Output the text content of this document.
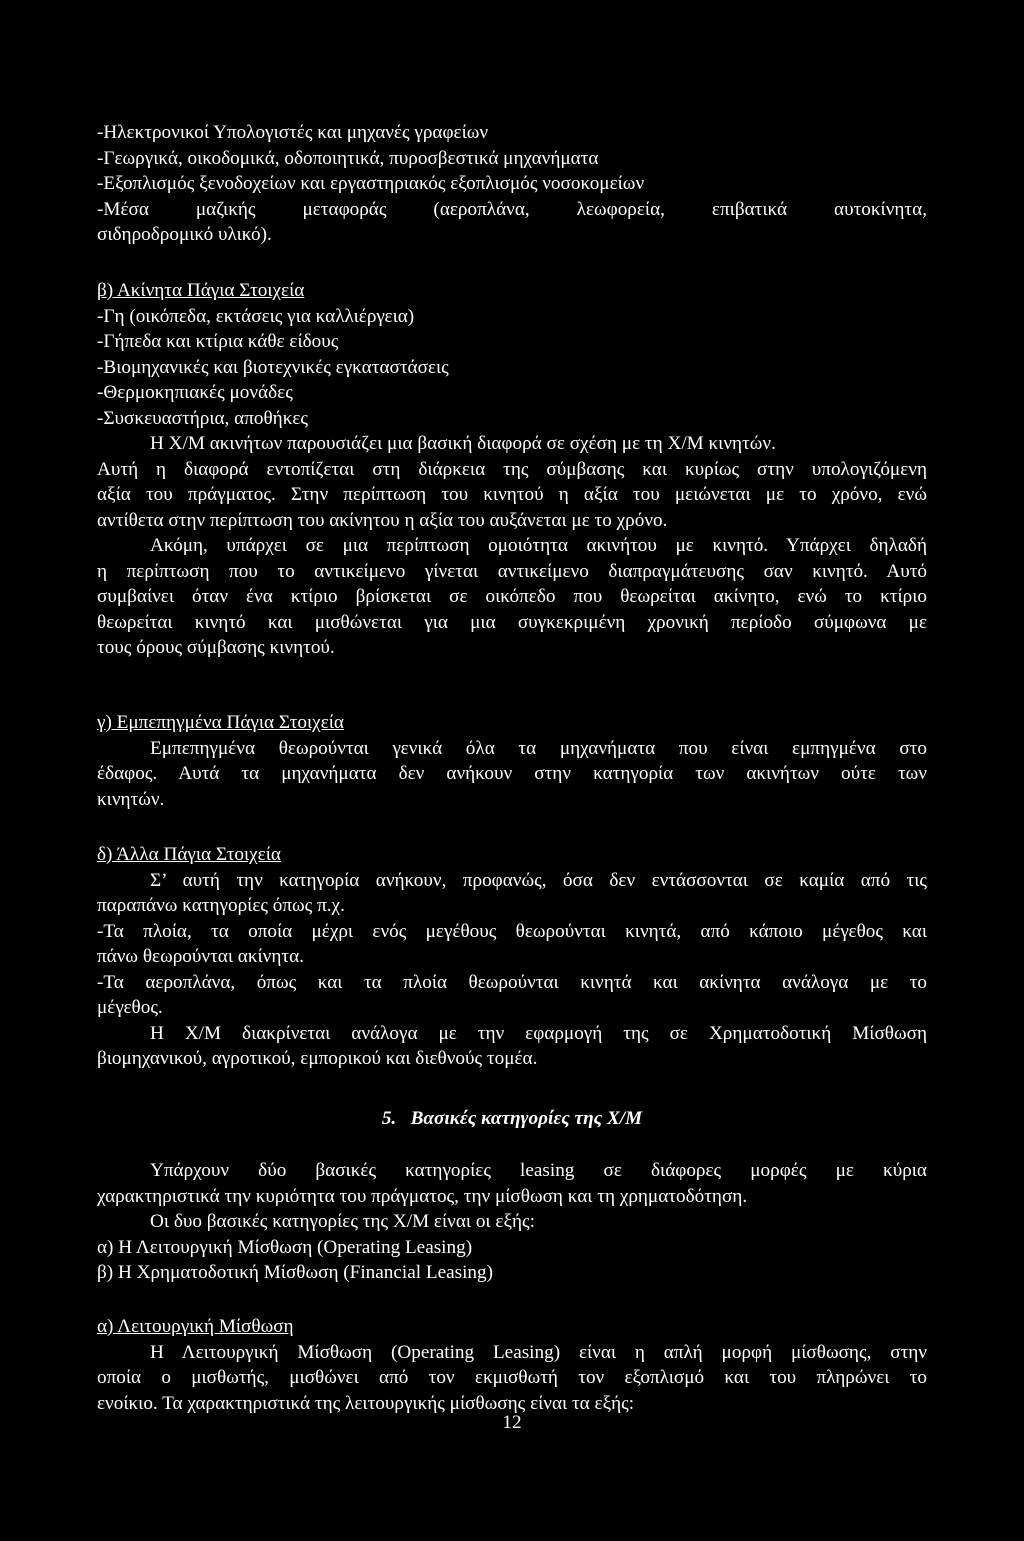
-Ηλεκτρονικοί Υπολογιστές και μηχανές γραφείων
-Γεωργικά, οικοδομικά, οδοποιητικά, πυροσβεστικά μηχανήματα
-Εξοπλισμός ξενοδοχείων και εργαστηριακός εξοπλισμός νοσοκομείων
-Μέσα μαζικής μεταφοράς (αεροπλάνα, λεωφορεία, επιβατικά αυτοκίνητα,
σιδηροδρομικό υλικό).
β) Ακίνητα Πάγια Στοιχεία
-Γη (οικόπεδα, εκτάσεις για καλλιέργεια)
-Γήπεδα και κτίρια κάθε είδους
-Βιομηχανικές και βιοτεχνικές εγκαταστάσεις
-Θερμοκηπιακές μονάδες
-Συσκευαστήρια, αποθήκες
Η Χ/Μ ακινήτων παρουσιάζει μια βασική διαφορά σε σχέση με τη Χ/Μ κινητών.
Αυτή η διαφορά εντοπίζεται στη διάρκεια της σύμβασης και κυρίως στην υπολογιζόμενη
αξία του πράγματος. Στην περίπτωση του κινητού η αξία του μειώνεται με το χρόνο, ενώ
αντίθετα στην περίπτωση του ακίνητου η αξία του αυξάνεται με το χρόνο.
Ακόμη, υπάρχει σε μια περίπτωση ομοιότητα ακινήτου με κινητό. Υπάρχει δηλαδή
η περίπτωση που το αντικείμενο γίνεται αντικείμενο διαπραγμάτευσης σαν κινητό. Αυτό
συμβαίνει όταν ένα κτίριο βρίσκεται σε οικόπεδο που θεωρείται ακίνητο, ενώ το κτίριο
θεωρείται κινητό και μισθώνεται για μια συγκεκριμένη χρονική περίοδο σύμφωνα με
τους όρους σύμβασης κινητού.
γ) Εμπεπηγμένα Πάγια Στοιχεία
Εμπεπηγμένα θεωρούνται γενικά όλα τα μηχανήματα που είναι εμπηγμένα στο
έδαφος. Αυτά τα μηχανήματα δεν ανήκουν στην κατηγορία των ακινήτων ούτε των
κινητών.
δ) Άλλα Πάγια Στοιχεία
Σ’ αυτή την κατηγορία ανήκουν, προφανώς, όσα δεν εντάσσονται σε καμία από τις
παραπάνω κατηγορίες όπως π.χ.
-Τα πλοία, τα οποία μέχρι ενός μεγέθους θεωρούνται κινητά, από κάποιο μέγεθος και
πάνω θεωρούνται ακίνητα.
-Τα αεροπλάνα, όπως και τα πλοία θεωρούνται κινητά και ακίνητα ανάλογα με το
μέγεθος.
Η Χ/Μ διακρίνεται ανάλογα με την εφαρμογή της σε Χρηματοδοτική Μίσθωση
βιομηχανικού, αγροτικού, εμπορικού και διεθνούς τομέα.
5. Βασικές κατηγορίες της Χ/Μ
Υπάρχουν δύο βασικές κατηγορίες leasing σε διάφορες μορφές με κύρια
χαρακτηριστικά την κυριότητα του πράγματος, την μίσθωση και τη χρηματοδότηση.
Οι δυο βασικές κατηγορίες της Χ/Μ είναι οι εξής:
α) Η Λειτουργική Μίσθωση (Operating Leasing)
β) Η Χρηματοδοτική Μίσθωση (Financial Leasing)
α) Λειτουργική Μίσθωση
Η Λειτουργική Μίσθωση (Operating Leasing) είναι η απλή μορφή μίσθωσης, στην
οποία ο μισθωτής, μισθώνει από τον εκμισθωτή τον εξοπλισμό και του πληρώνει το
ενοίκιο. Τα χαρακτηριστικά της λειτουργικής μίσθωσης είναι τα εξής:
12
